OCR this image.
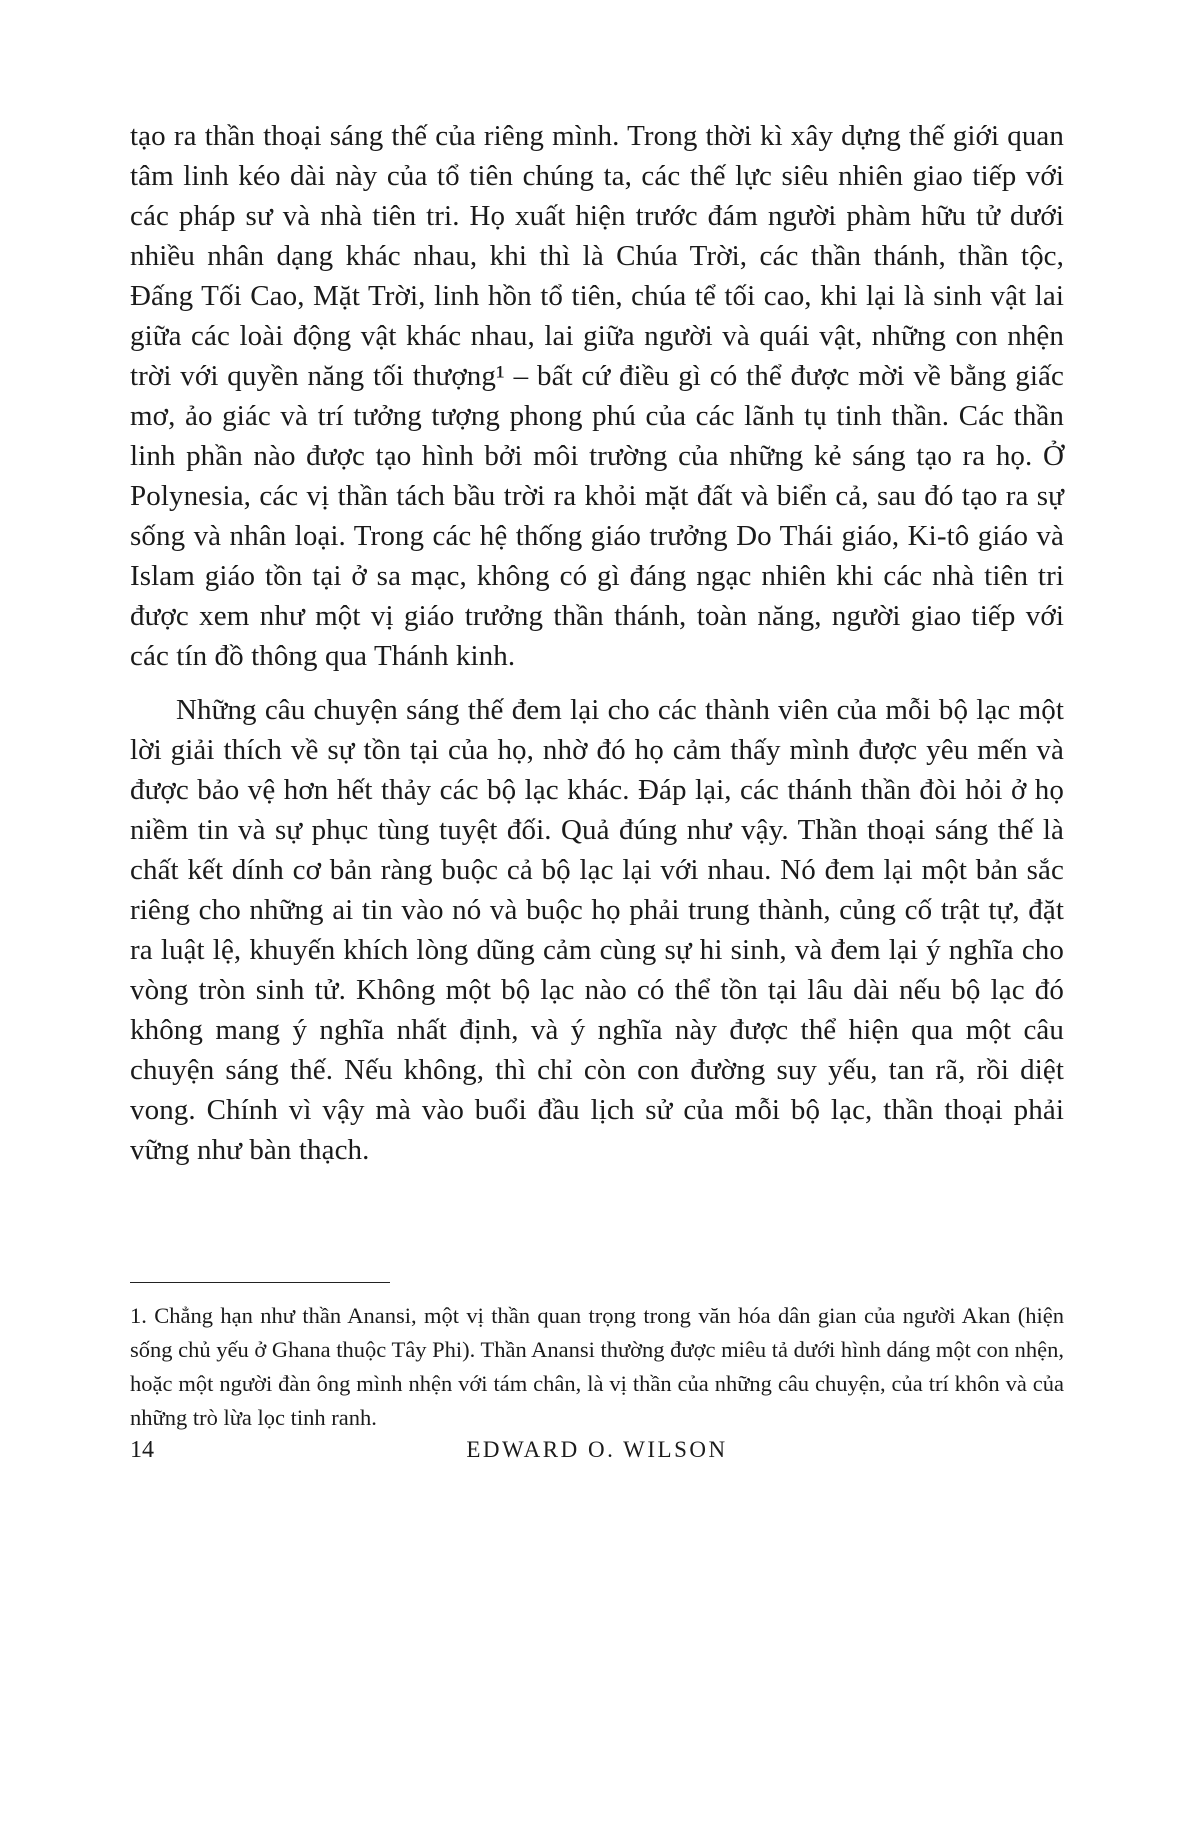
tạo ra thần thoại sáng thế của riêng mình. Trong thời kì xây dựng thế giới quan tâm linh kéo dài này của tổ tiên chúng ta, các thế lực siêu nhiên giao tiếp với các pháp sư và nhà tiên tri. Họ xuất hiện trước đám người phàm hữu tử dưới nhiều nhân dạng khác nhau, khi thì là Chúa Trời, các thần thánh, thần tộc, Đấng Tối Cao, Mặt Trời, linh hồn tổ tiên, chúa tể tối cao, khi lại là sinh vật lai giữa các loài động vật khác nhau, lai giữa người và quái vật, những con nhện trời với quyền năng tối thượng¹ – bất cứ điều gì có thể được mời về bằng giấc mơ, ảo giác và trí tưởng tượng phong phú của các lãnh tụ tinh thần. Các thần linh phần nào được tạo hình bởi môi trường của những kẻ sáng tạo ra họ. Ở Polynesia, các vị thần tách bầu trời ra khỏi mặt đất và biển cả, sau đó tạo ra sự sống và nhân loại. Trong các hệ thống giáo trưởng Do Thái giáo, Ki-tô giáo và Islam giáo tồn tại ở sa mạc, không có gì đáng ngạc nhiên khi các nhà tiên tri được xem như một vị giáo trưởng thần thánh, toàn năng, người giao tiếp với các tín đồ thông qua Thánh kinh.

Những câu chuyện sáng thế đem lại cho các thành viên của mỗi bộ lạc một lời giải thích về sự tồn tại của họ, nhờ đó họ cảm thấy mình được yêu mến và được bảo vệ hơn hết thảy các bộ lạc khác. Đáp lại, các thánh thần đòi hỏi ở họ niềm tin và sự phục tùng tuyệt đối. Quả đúng như vậy. Thần thoại sáng thế là chất kết dính cơ bản ràng buộc cả bộ lạc lại với nhau. Nó đem lại một bản sắc riêng cho những ai tin vào nó và buộc họ phải trung thành, củng cố trật tự, đặt ra luật lệ, khuyến khích lòng dũng cảm cùng sự hi sinh, và đem lại ý nghĩa cho vòng tròn sinh tử. Không một bộ lạc nào có thể tồn tại lâu dài nếu bộ lạc đó không mang ý nghĩa nhất định, và ý nghĩa này được thể hiện qua một câu chuyện sáng thế. Nếu không, thì chỉ còn con đường suy yếu, tan rã, rồi diệt vong. Chính vì vậy mà vào buổi đầu lịch sử của mỗi bộ lạc, thần thoại phải vững như bàn thạch.

1. Chẳng hạn như thần Anansi, một vị thần quan trọng trong văn hóa dân gian của người Akan (hiện sống chủ yếu ở Ghana thuộc Tây Phi). Thần Anansi thường được miêu tả dưới hình dáng một con nhện, hoặc một người đàn ông mình nhện với tám chân, là vị thần của những câu chuyện, của trí khôn và của những trò lừa lọc tinh ranh.

14	EDWARD O. WILSON
